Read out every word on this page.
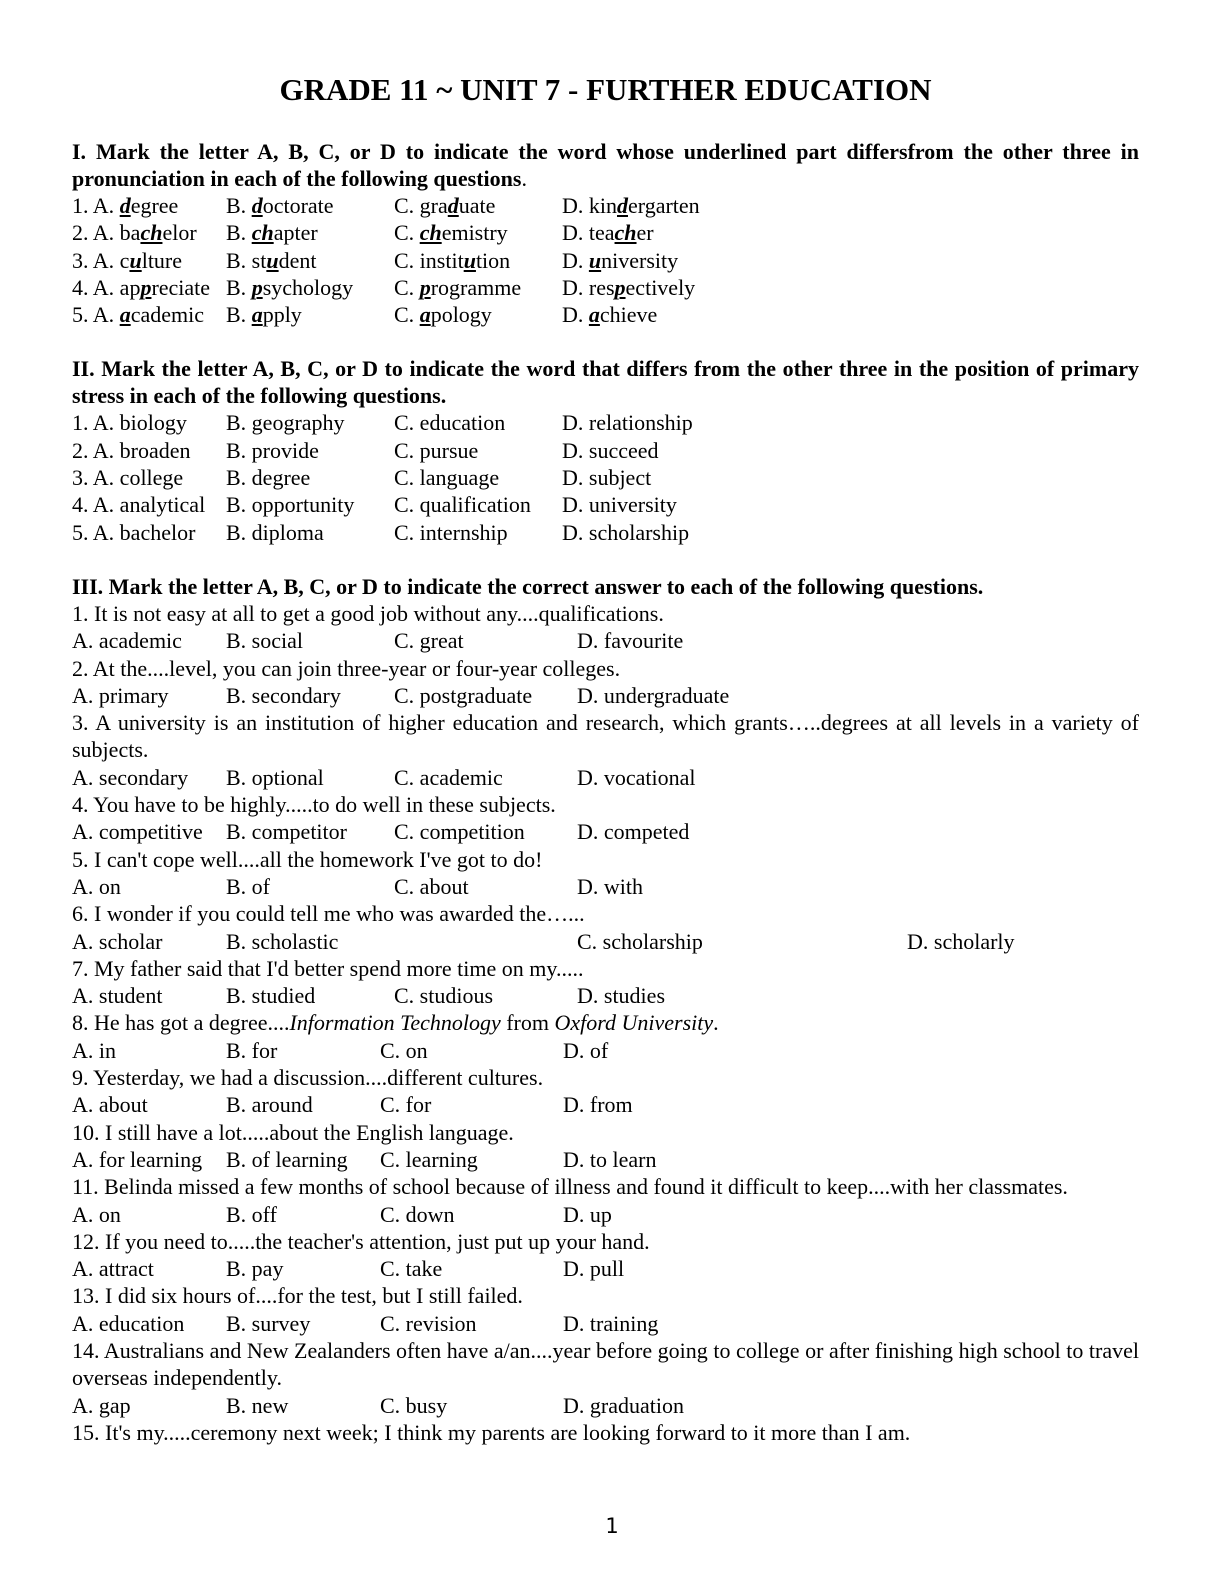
GRADE 11 ~ UNIT 7 - FURTHER EDUCATION
I. Mark the letter A, B, C, or D to indicate the word whose underlined part differsfrom the other three in pronunciation in each of the following questions.
1. A. degree B. doctorate	C. graduate	D. kindergarten
2. A. bachelor B. chapter	C. chemistry D. teacher
3. A. culture B. student	C. institution D. university
4. A. appreciate B. psychology C. programme D. respectively
5. A. academic B. apply	C. apology	D. achieve
II. Mark the letter A, B, C, or D to indicate the word that differs from the other three in the position of primary stress in each of the following questions.
1. A. biology B. geography C. education	D. relationship
2. A. broaden B. provide	C. pursue	D. succeed
3. A. college B. degree	C. language	D. subject
4. A. analytical B. opportunity C. qualification D. university
5. A. bachelor B. diploma	C. internship D. scholarship
III. Mark the letter A, B, C, or D to indicate the correct answer to each of the following questions.
1. It is not easy at all to get a good job without any....qualifications.
A. academic B. social	C. great	D. favourite
2. At the....level, you can join three-year or four-year colleges.
A. primary	B. secondary C. postgraduate D. undergraduate
3. A university is an institution of higher education and research, which grants…..degrees at all levels in a variety of subjects.
A. secondary B. optional	C. academic	D. vocational
4. You have to be highly.....to do well in these subjects.
A. competitive B. competitor C. competition D. competed
5. I can't cope well....all the homework I've got to do!
A. on	B. of	C. about	D. with
6. I wonder if you could tell me who was awarded the…...
A. scholar	B. scholastic	C. scholarship	D. scholarly
7. My father said that I'd better spend more time on my.....
A. student	B. studied	C. studious	D. studies
8. He has got a degree....Information Technology from Oxford University.
A. in	B. for	C. on	D. of
9. Yesterday, we had a discussion....different cultures.
A. about	B. around	C. for	D. from
10. I still have a lot.....about the English language.
A. for learning B. of learning C. learning	D. to learn
11. Belinda missed a few months of school because of illness and found it difficult to keep....with her classmates.
A. on	B. off	C. down	D. up
12. If you need to.....the teacher's attention, just put up your hand.
A. attract	B. pay	C. take	D. pull
13. I did six hours of....for the test, but I still failed.
A. education B. survey	C. revision	D. training
14. Australians and New Zealanders often have a/an....year before going to college or after finishing high school to travel overseas independently.
A. gap	B. new	C. busy	D. graduation
15. It's my.....ceremony next week; I think my parents are looking forward to it more than I am.
1
